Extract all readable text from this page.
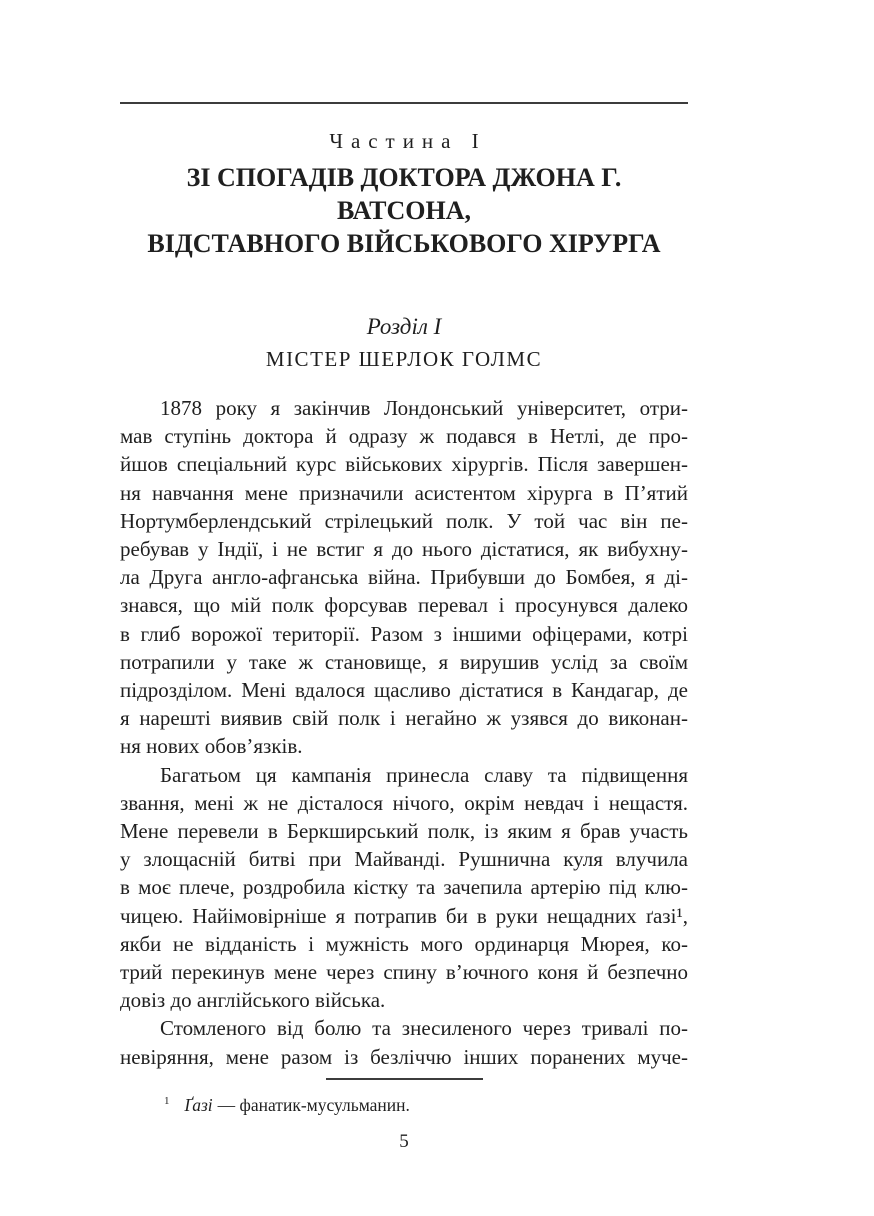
Частина І
ЗІ СПОГАДІВ ДОКТОРА ДЖОНА Г. ВАТСОНА,
ВІДСТАВНОГО ВІЙСЬКОВОГО ХІРУРГА
Розділ І
МІСТЕР ШЕРЛОК ГОЛМС
1878 року я закінчив Лондонський університет, отри-
мав ступінь доктора й одразу ж подався в Нетлі, де про-
йшов спеціальний курс військових хірургів. Після завершен-
ня навчання мене призначили асистентом хірурга в П’ятий
Нортумберлендський стрілецький полк. У той час він пе-
ребував у Індії, і не встиг я до нього дістатися, як вибухну-
ла Друга англо-афганська війна. Прибувши до Бомбея, я ді-
знався, що мій полк форсував перевал і просунувся далеко
в глиб ворожої території. Разом з іншими офіцерами, котрі
потрапили у таке ж становище, я вирушив услід за своїм
підрозділом. Мені вдалося щасливо дістатися в Кандагар, де
я нарешті виявив свій полк і негайно ж узявся до виконан-
ня нових обов’язків.
Багатьом ця кампанія принесла славу та підвищення
звання, мені ж не дісталося нічого, окрім невдач і нещастя.
Мене перевели в Беркширський полк, із яким я брав участь
у злощасній битві при Майванді. Рушнична куля влучила
в моє плече, роздробила кістку та зачепила артерію під клю-
чицею. Найімовірніше я потрапив би в руки нещадних ґазі¹,
якби не відданість і мужність мого ординарця Мюрея, ко-
трий перекинув мене через спину в’ючного коня й безпечно
довіз до англійського війська.
Стомленого від болю та знесиленого через тривалі по-
невіряння, мене разом із безліччю інших поранених муче-
$^1$ Ґазі — фанатик-мусульманин.
5
